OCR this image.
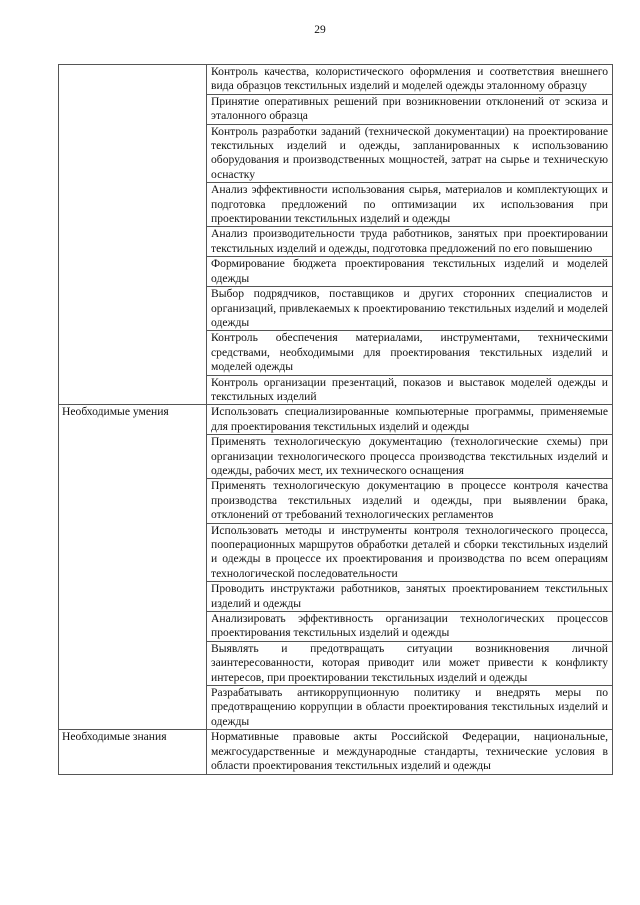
29
	Контроль качества, колористического оформления и соответствия внешнего вида образцов текстильных изделий и моделей одежды эталонному образцу
	Принятие оперативных решений при возникновении отклонений от эскиза и эталонного образца
	Контроль разработки заданий (технической документации) на проектирование текстильных изделий и одежды, запланированных к использованию оборудования и производственных мощностей, затрат на сырье и техническую оснастку
	Анализ эффективности использования сырья, материалов и комплектующих и подготовка предложений по оптимизации их использования при проектировании текстильных изделий и одежды
	Анализ производительности труда работников, занятых при проектировании текстильных изделий и одежды, подготовка предложений по его повышению
	Формирование бюджета проектирования текстильных изделий и моделей одежды
	Выбор подрядчиков, поставщиков и других сторонних специалистов и организаций, привлекаемых к проектированию текстильных изделий и моделей одежды
	Контроль обеспечения материалами, инструментами, техническими средствами, необходимыми для проектирования текстильных изделий и моделей одежды
	Контроль организации презентаций, показов и выставок моделей одежды и текстильных изделий
Необходимые умения	Использовать специализированные компьютерные программы, применяемые для проектирования текстильных изделий и одежды
	Применять технологическую документацию (технологические схемы) при организации технологического процесса производства текстильных изделий и одежды, рабочих мест, их технического оснащения
	Применять технологическую документацию в процессе контроля качества производства текстильных изделий и одежды, при выявлении брака, отклонений от требований технологических регламентов
	Использовать методы и инструменты контроля технологического процесса, пооперационных маршрутов обработки деталей и сборки текстильных изделий и одежды в процессе их проектирования и производства по всем операциям технологической последовательности
	Проводить инструктажи работников, занятых проектированием текстильных изделий и одежды
	Анализировать эффективность организации технологических процессов проектирования текстильных изделий и одежды
	Выявлять и предотвращать ситуации возникновения личной заинтересованности, которая приводит или может привести к конфликту интересов, при проектировании текстильных изделий и одежды
	Разрабатывать антикоррупционную политику и внедрять меры по предотвращению коррупции в области проектирования текстильных изделий и одежды
Необходимые знания	Нормативные правовые акты Российской Федерации, национальные, межгосударственные и международные стандарты, технические условия в области проектирования текстильных изделий и одежды
